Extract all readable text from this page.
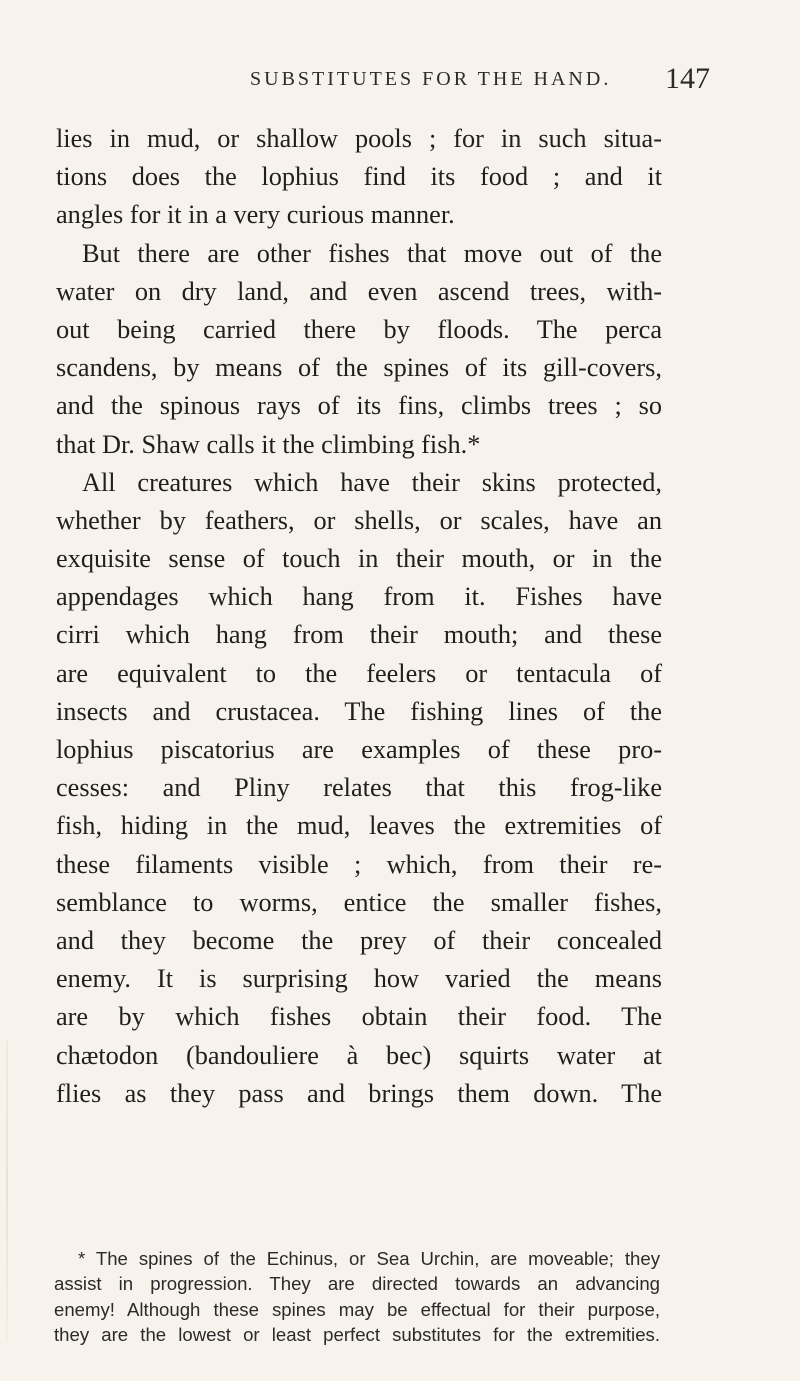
SUBSTITUTES FOR THE HAND. 147
lies in mud, or shallow pools ; for in such situa-
tions does the lophius find its food ; and it
angles for it in a very curious manner.
But there are other fishes that move out of the
water on dry land, and even ascend trees, with-
out being carried there by floods. The perca
scandens, by means of the spines of its gill-covers,
and the spinous rays of its fins, climbs trees ; so
that Dr. Shaw calls it the climbing fish.*
All creatures which have their skins protected,
whether by feathers, or shells, or scales, have an
exquisite sense of touch in their mouth, or in the
appendages which hang from it. Fishes have
cirri which hang from their mouth; and these
are equivalent to the feelers or tentacula of
insects and crustacea. The fishing lines of the
lophius piscatorius are examples of these pro-
cesses: and Pliny relates that this frog-like
fish, hiding in the mud, leaves the extremities of
these filaments visible ; which, from their re-
semblance to worms, entice the smaller fishes,
and they become the prey of their concealed
enemy. It is surprising how varied the means
are by which fishes obtain their food. The
chætodon (bandouliere à bec) squirts water at
flies as they pass and brings them down. The
* The spines of the Echinus, or Sea Urchin, are moveable; they
assist in progression. They are directed towards an advancing
enemy! Although these spines may be effectual for their purpose,
they are the lowest or least perfect substitutes for the extremities.
